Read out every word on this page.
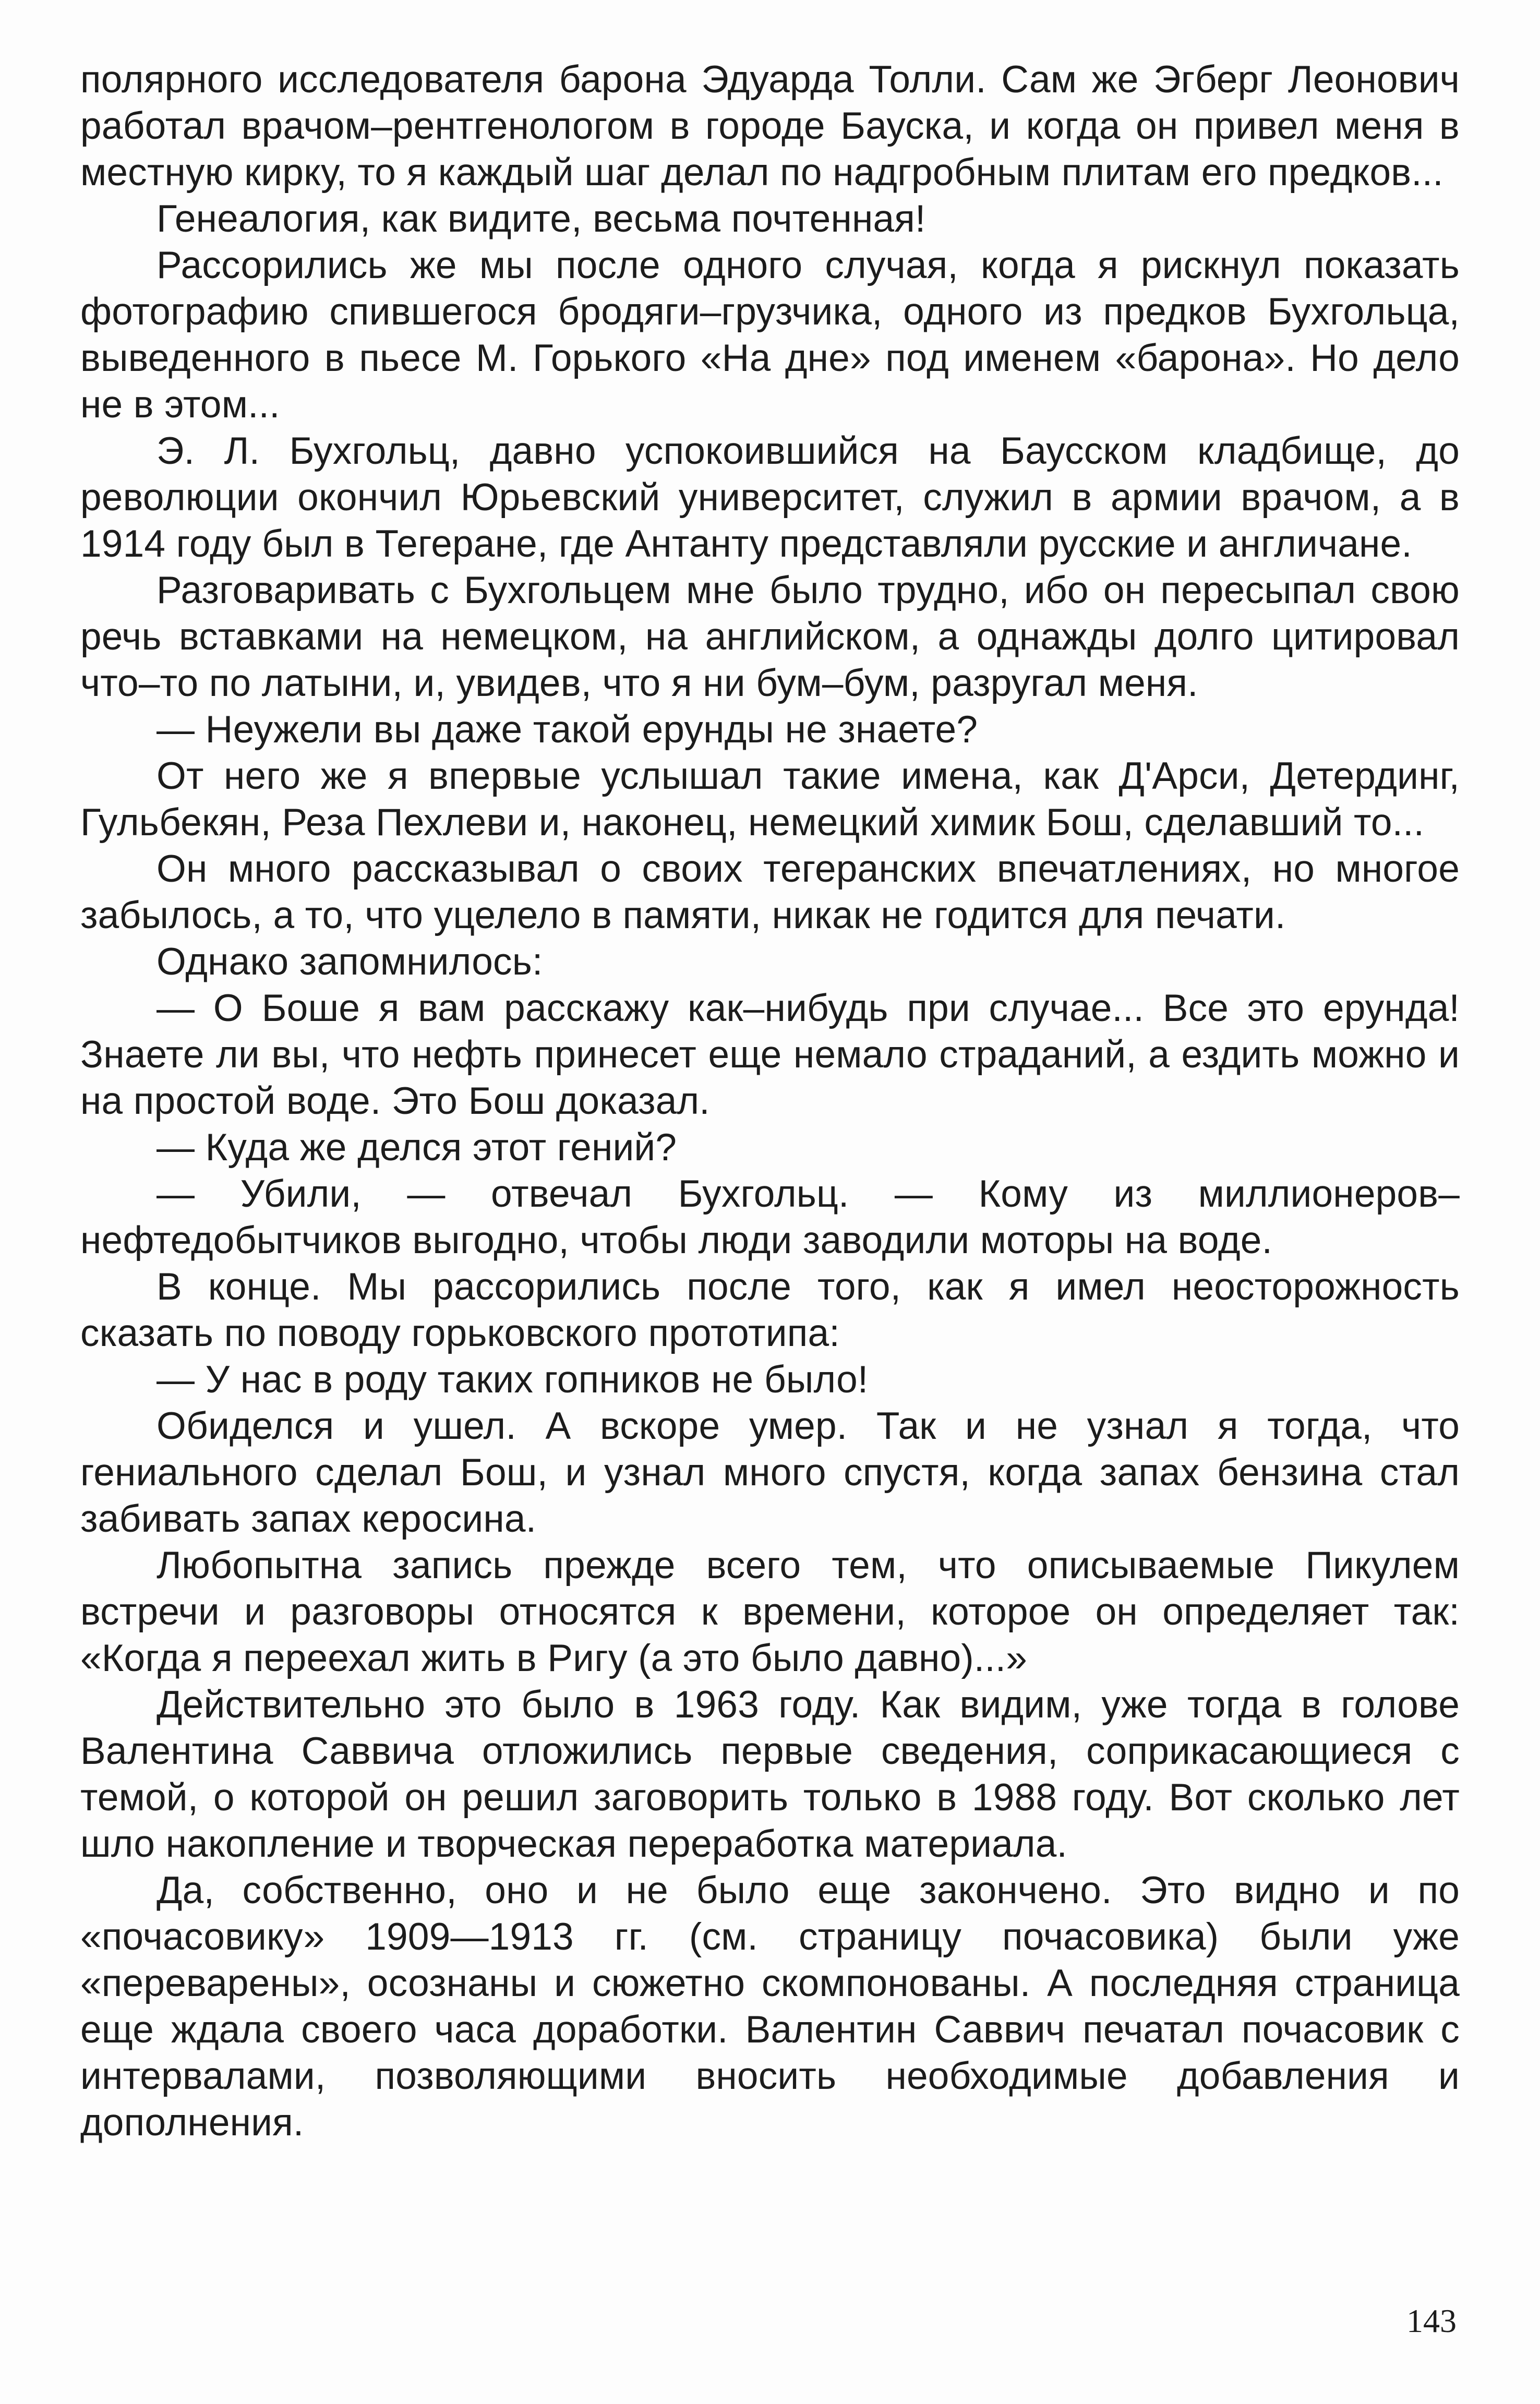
полярного исследователя барона Эдуарда Толли. Сам же Эгберг Леонович работал врачом–рентгенологом в городе Бауска, и когда он привел меня в местную кирку, то я каждый шаг делал по надгробным плитам его предков...

Генеалогия, как видите, весьма почтенная!

Рассорились же мы после одного случая, когда я рискнул показать фотографию спившегося бродяги–грузчика, одного из предков Бухгольца, выведенного в пьесе М. Горького «На дне» под именем «барона». Но дело не в этом...

Э. Л. Бухгольц, давно успокоившийся на Баусском кладбище, до революции окончил Юрьевский университет, служил в армии врачом, а в 1914 году был в Тегеране, где Антанту представляли русские и англичане.

Разговаривать с Бухгольцем мне было трудно, ибо он пересыпал свою речь вставками на немецком, на английском, а однажды долго цитировал что–то по латыни, и, увидев, что я ни бум–бум, разругал меня.

— Неужели вы даже такой ерунды не знаете?

От него же я впервые услышал такие имена, как Д'Арси, Детердинг, Гульбекян, Реза Пехлеви и, наконец, немецкий химик Бош, сделавший то...

Он много рассказывал о своих тегеранских впечатлениях, но многое забылось, а то, что уцелело в памяти, никак не годится для печати.

Однако запомнилось:

— О Боше я вам расскажу как–нибудь при случае... Все это ерунда! Знаете ли вы, что нефть принесет еще немало страданий, а ездить можно и на простой воде. Это Бош доказал.

— Куда же делся этот гений?

— Убили, — отвечал Бухгольц. — Кому из миллионеров–нефтедобытчиков выгодно, чтобы люди заводили моторы на воде.

В конце. Мы рассорились после того, как я имел неосторожность сказать по поводу горьковского прототипа:

— У нас в роду таких гопников не было!

Обиделся и ушел. А вскоре умер. Так и не узнал я тогда, что гениального сделал Бош, и узнал много спустя, когда запах бензина стал забивать запах керосина.

Любопытна запись прежде всего тем, что описываемые Пикулем встречи и разговоры относятся к времени, которое он определяет так: «Когда я переехал жить в Ригу (а это было давно)...»

Действительно это было в 1963 году. Как видим, уже тогда в голове Валентина Саввича отложились первые сведения, соприкасающиеся с темой, о которой он решил заговорить только в 1988 году. Вот сколько лет шло накопление и творческая переработка материала.

Да, собственно, оно и не было еще закончено. Это видно и по «почасовику» 1909—1913 гг. (см. страницу почасовика) были уже «переварены», осознаны и сюжетно скомпонованы. А последняя страница еще ждала своего часа доработки. Валентин Саввич печатал почасовик с интервалами, позволяющими вносить необходимые добавления и дополнения.

143
